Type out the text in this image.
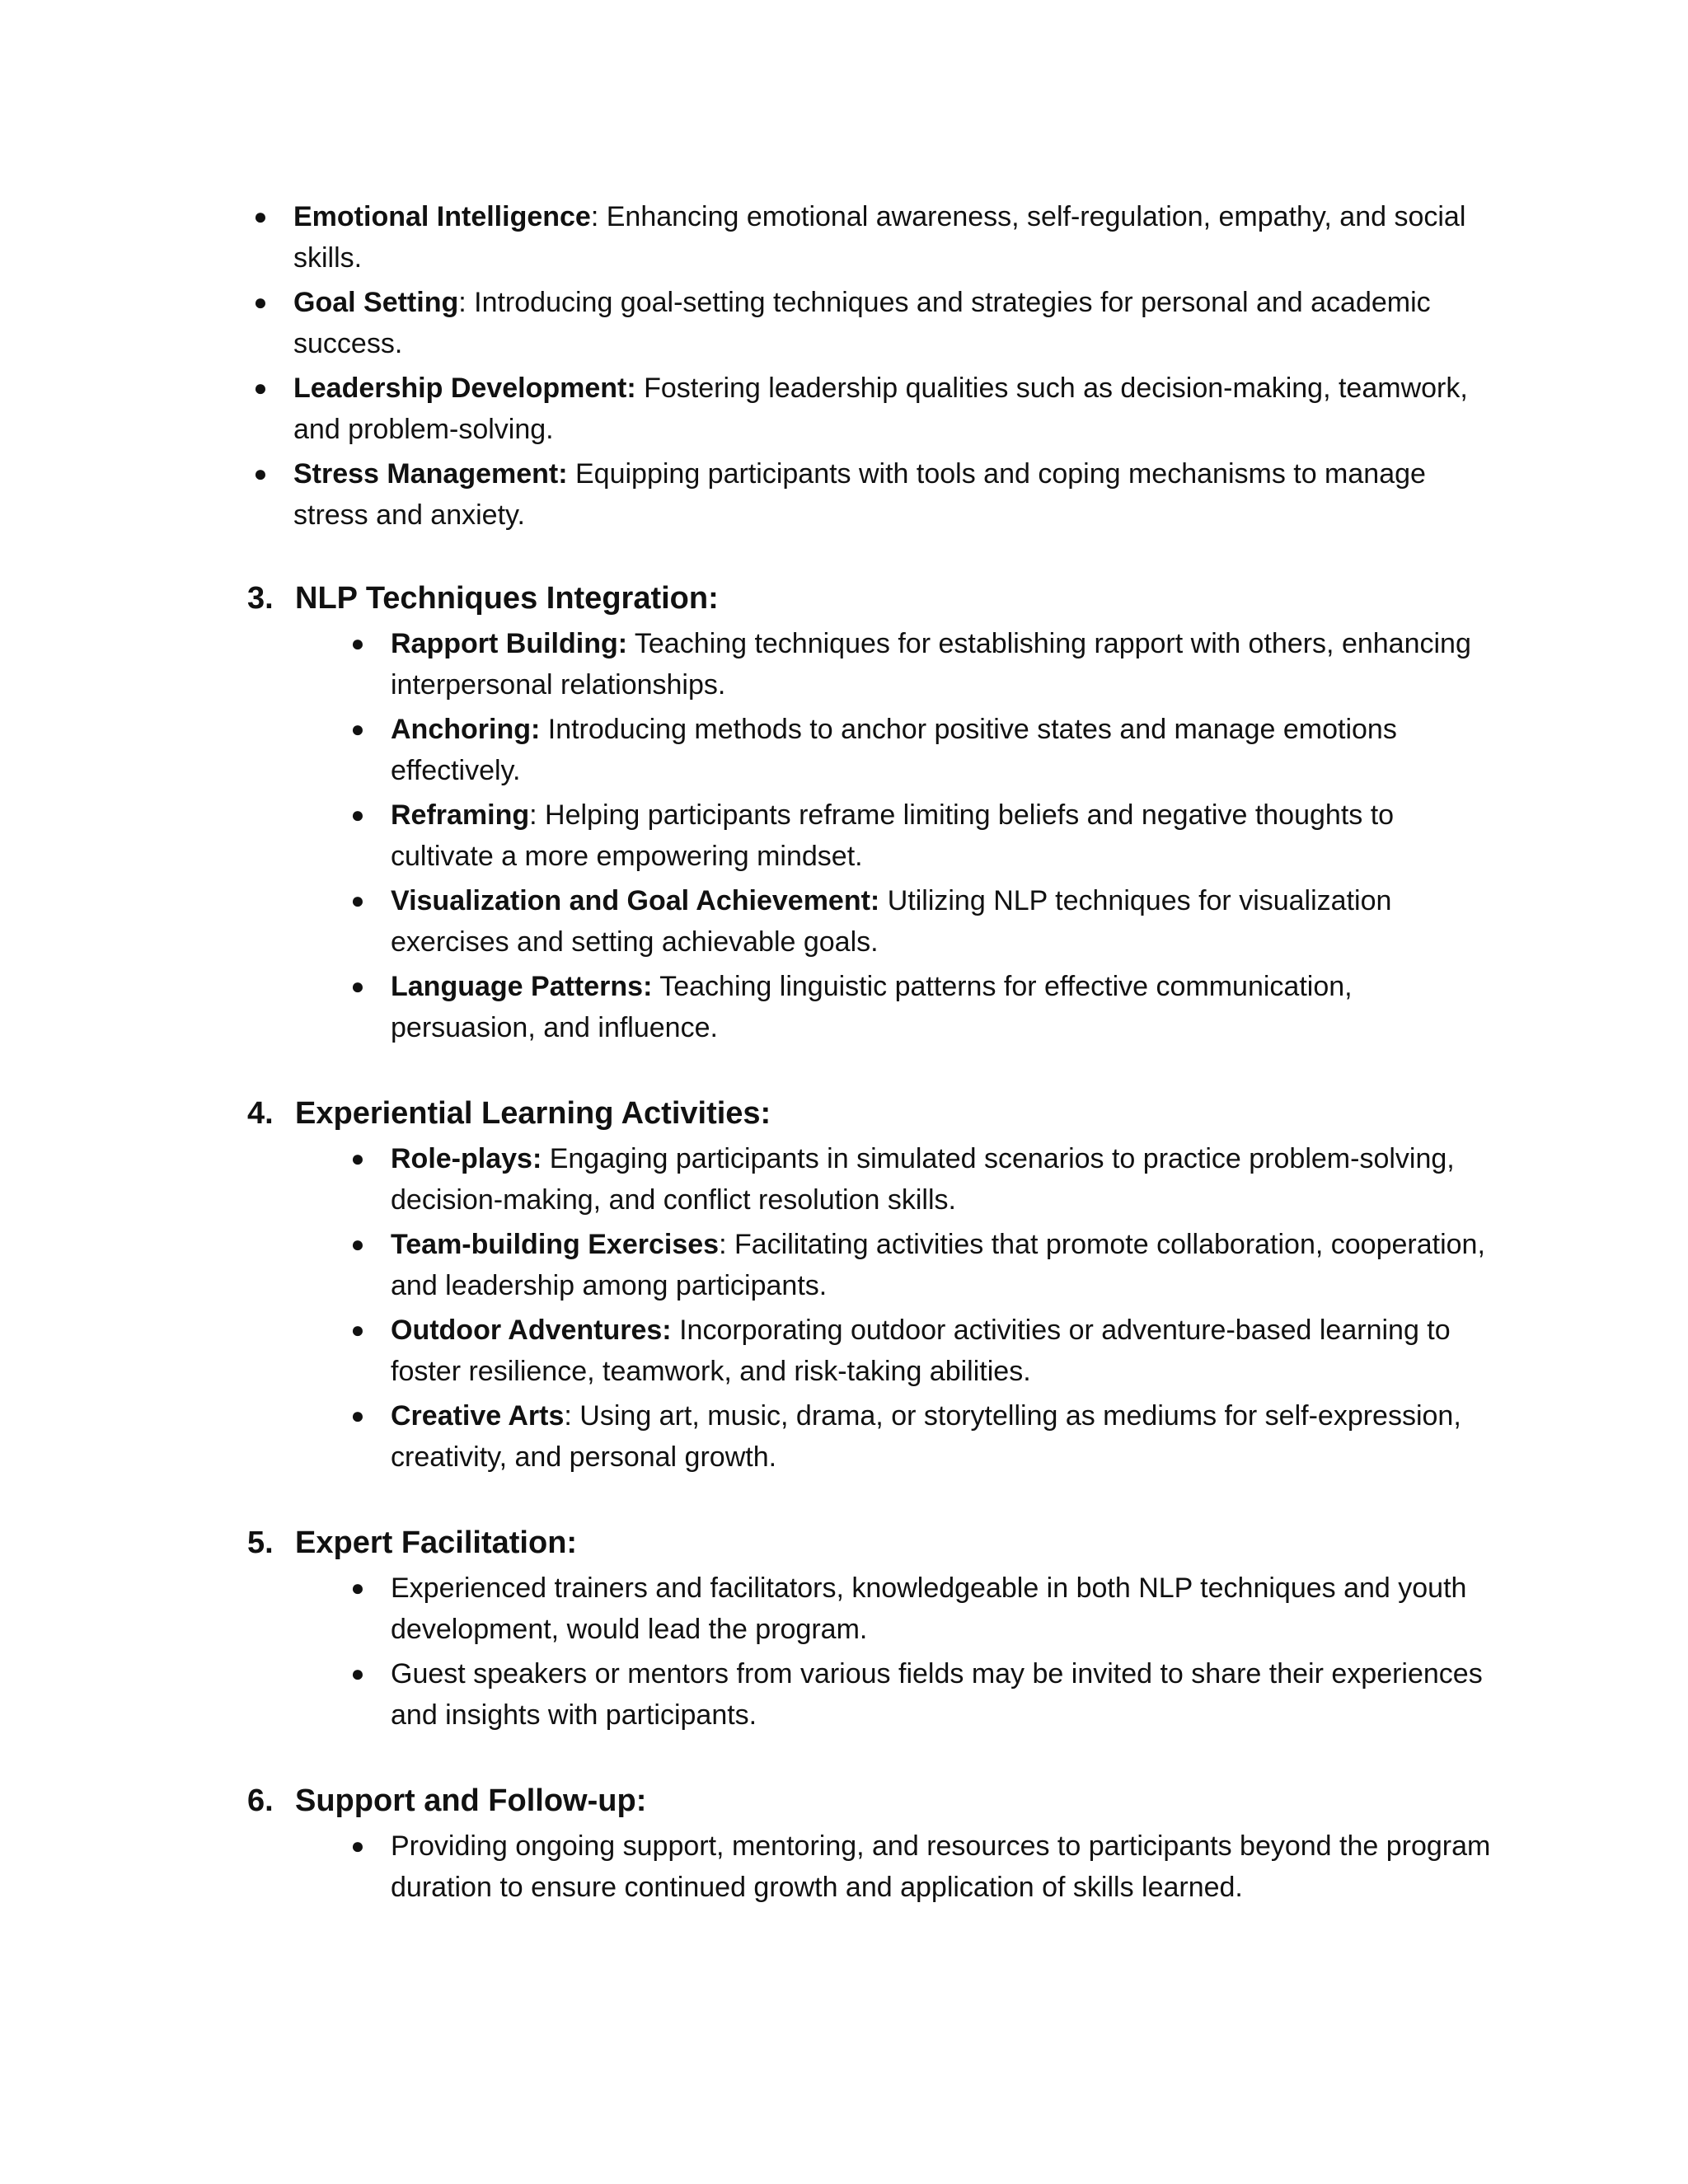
● Emotional Intelligence: Enhancing emotional awareness, self-regulation, empathy, and social skills.
● Goal Setting: Introducing goal-setting techniques and strategies for personal and academic success.
● Leadership Development: Fostering leadership qualities such as decision-making, teamwork, and problem-solving.
● Stress Management: Equipping participants with tools and coping mechanisms to manage stress and anxiety.
3. NLP Techniques Integration:
● Rapport Building: Teaching techniques for establishing rapport with others, enhancing interpersonal relationships.
● Anchoring: Introducing methods to anchor positive states and manage emotions effectively.
● Reframing: Helping participants reframe limiting beliefs and negative thoughts to cultivate a more empowering mindset.
● Visualization and Goal Achievement: Utilizing NLP techniques for visualization exercises and setting achievable goals.
● Language Patterns: Teaching linguistic patterns for effective communication, persuasion, and influence.
4. Experiential Learning Activities:
● Role-plays: Engaging participants in simulated scenarios to practice problem-solving, decision-making, and conflict resolution skills.
● Team-building Exercises: Facilitating activities that promote collaboration, cooperation, and leadership among participants.
● Outdoor Adventures: Incorporating outdoor activities or adventure-based learning to foster resilience, teamwork, and risk-taking abilities.
● Creative Arts: Using art, music, drama, or storytelling as mediums for self-expression, creativity, and personal growth.
5. Expert Facilitation:
● Experienced trainers and facilitators, knowledgeable in both NLP techniques and youth development, would lead the program.
● Guest speakers or mentors from various fields may be invited to share their experiences and insights with participants.
6. Support and Follow-up:
● Providing ongoing support, mentoring, and resources to participants beyond the program duration to ensure continued growth and application of skills learned.
